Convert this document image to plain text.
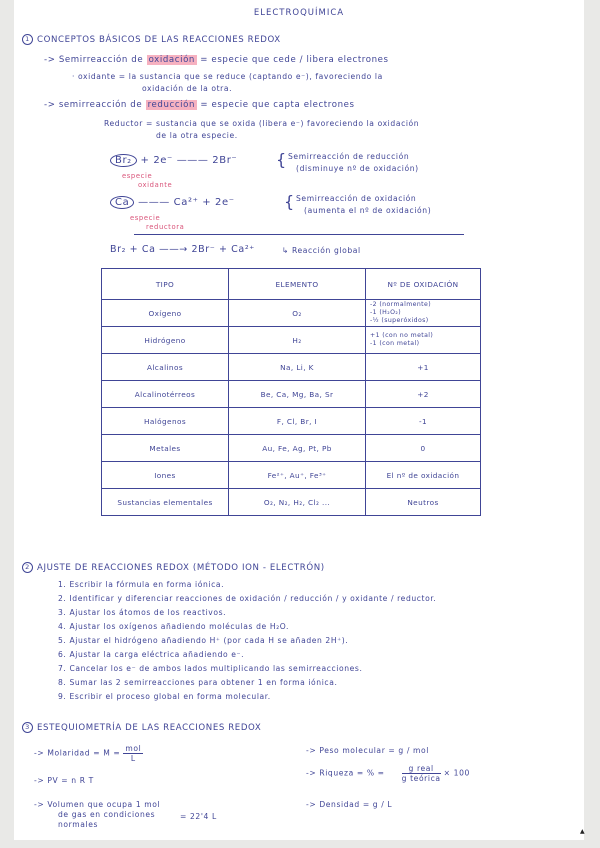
ELECTROQUÍMICA
1 CONCEPTOS BÁSICOS DE LAS REACCIONES REDOX
-> Semirreacción de oxidación = especie que cede / libera electrones
· oxidante = la sustancia que se reduce (captando e⁻), favoreciendo la
oxidación de la otra.
-> semirreacción de reducción = especie que capta electrones
Reductor = sustancia que se oxida (libera e⁻) favoreciendo la oxidación
de la otra especie.
Br₂ + 2e⁻ ——— 2Br⁻
especie
oxidante
{ Semirreacción de reducción
(disminuye nº de oxidación)
Ca ——— Ca²⁺ + 2e⁻
especie
reductora
{ Semirreacción de oxidación
(aumenta el nº de oxidación)
Br₂ + Ca ——→ 2Br⁻ + Ca²⁺	↳ Reacción global
TIPO	ELEMENTO	Nº DE OXIDACIÓN
Oxígeno	O₂	-2 (normalmente)
-1 (H₂O₂)
-½ (superóxidos)

Hidrógeno	H₂	+1 (con no metal)
-1 (con metal)

Alcalinos	Na, Li, K	+1
Alcalinotérreos	Be, Ca, Mg, Ba, Sr	+2
Halógenos	F, Cl, Br, I	-1
Metales	Au, Fe, Ag, Pt, Pb	0
Iones	Fe²⁺, Au⁺, Fe³⁺	El nº de oxidación
Sustancias elementales	O₂, N₂, H₂, Cl₂ ...	Neutros
2 AJUSTE DE REACCIONES REDOX (MÉTODO ION - ELECTRÓN)
1. Escribir la fórmula en forma iónica.
2. Identificar y diferenciar reacciones de oxidación / reducción / y oxidante / reductor.
3. Ajustar los átomos de los reactivos.
4. Ajustar los oxígenos añadiendo moléculas de H₂O.
5. Ajustar el hidrógeno añadiendo H⁺ (por cada H se añaden 2H⁺).
6. Ajustar la carga eléctrica añadiendo e⁻.
7. Cancelar los e⁻ de ambos lados multiplicando las semirreacciones.
8. Sumar las 2 semirreacciones para obtener 1 en forma iónica.
9. Escribir el proceso global en forma molecular.
3 ESTEQUIOMETRÍA DE LAS REACCIONES REDOX
-> Molaridad = $M = \frac{\text{mol}}{L}$
-> PV = n R T
-> Volumen que ocupa 1 mol
de gas en condiciones
normales
= 22'4 L
-> Peso molecular = g / mol
-> Riqueza = % = $\frac{\text{g real}}{\text{g teórica}} \times 100$
-> Densidad = g / L
▲
